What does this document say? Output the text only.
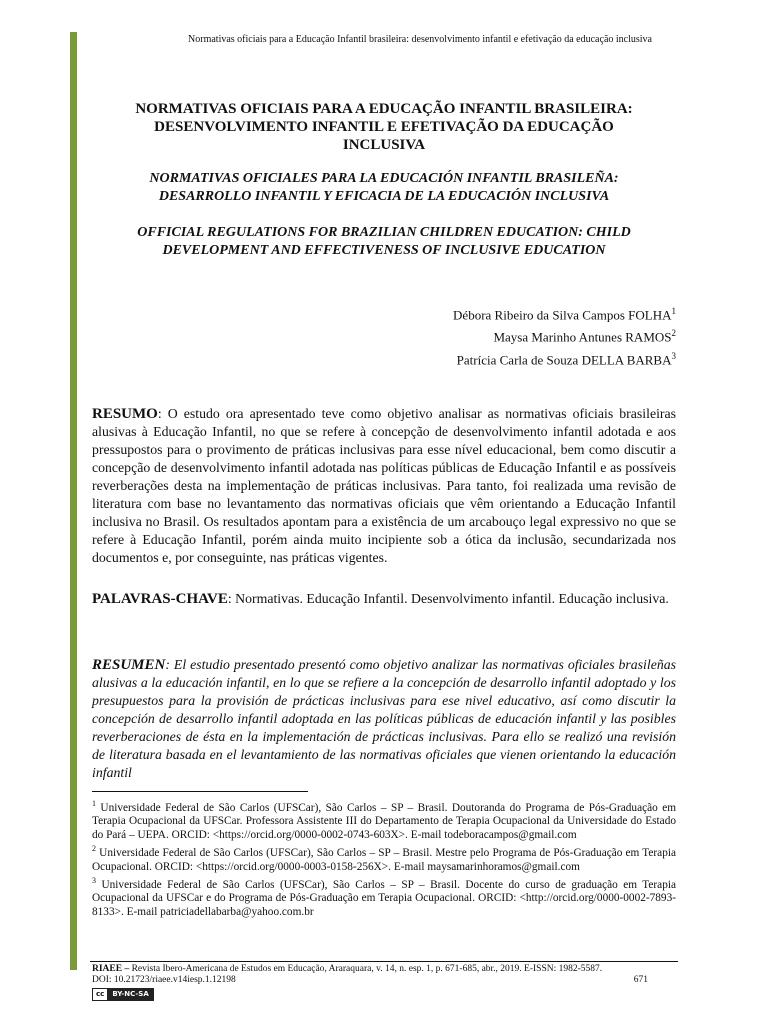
Normativas oficiais para a Educação Infantil brasileira: desenvolvimento infantil e efetivação da educação inclusiva

NORMATIVAS OFICIAIS PARA A EDUCAÇÃO INFANTIL BRASILEIRA:
DESENVOLVIMENTO INFANTIL E EFETIVAÇÃO DA EDUCAÇÃO
INCLUSIVA

NORMATIVAS OFICIALES PARA LA EDUCACIÓN INFANTIL BRASILEÑA:
DESARROLLO INFANTIL Y EFICACIA DE LA EDUCACIÓN INCLUSIVA

OFFICIAL REGULATIONS FOR BRAZILIAN CHILDREN EDUCATION: CHILD
DEVELOPMENT AND EFFECTIVENESS OF INCLUSIVE EDUCATION

Débora Ribeiro da Silva Campos FOLHA$^1$
Maysa Marinho Antunes RAMOS$^2$
Patrícia Carla de Souza DELLA BARBA$^3$
RESUMO: O estudo ora apresentado teve como objetivo analisar as normativas oficiais brasileiras alusivas à Educação Infantil, no que se refere à concepção de desenvolvimento infantil adotada e aos pressupostos para o provimento de práticas inclusivas para esse nível educacional, bem como discutir a concepção de desenvolvimento infantil adotada nas políticas públicas de Educação Infantil e as possíveis reverberações desta na implementação de práticas inclusivas. Para tanto, foi realizada uma revisão de literatura com base no levantamento das normativas oficiais que vêm orientando a Educação Infantil inclusiva no Brasil. Os resultados apontam para a existência de um arcabouço legal expressivo no que se refere à Educação Infantil, porém ainda muito incipiente sob a ótica da inclusão, secundarizada nos documentos e, por conseguinte, nas práticas vigentes.
PALAVRAS-CHAVE: Normativas. Educação Infantil. Desenvolvimento infantil. Educação inclusiva.
RESUMEN: El estudio presentado presentó como objetivo analizar las normativas oficiales brasileñas alusivas a la educación infantil, en lo que se refiere a la concepción de desarrollo infantil adoptado y los presupuestos para la provisión de prácticas inclusivas para ese nivel educativo, así como discutir la concepción de desarrollo infantil adoptada en las políticas públicas de educación infantil y las posibles reverberaciones de ésta en la implementación de prácticas inclusivas. Para ello se realizó una revisión de literatura basada en el levantamiento de las normativas oficiales que vienen orientando la educación infantil

$^1$ Universidade Federal de São Carlos (UFSCar), São Carlos – SP – Brasil. Doutoranda do Programa de Pós-Graduação em Terapia Ocupacional da UFSCar. Professora Assistente III do Departamento de Terapia Ocupacional da Universidade do Estado do Pará – UEPA. ORCID: <https://orcid.org/0000-0002-0743-603X>. E-mail todeboracampos@gmail.com

$^2$ Universidade Federal de São Carlos (UFSCar), São Carlos – SP – Brasil. Mestre pelo Programa de Pós-Graduação em Terapia Ocupacional. ORCID: <https://orcid.org/0000-0003-0158-256X>. E-mail maysamarinhoramos@gmail.com

$^3$ Universidade Federal de São Carlos (UFSCar), São Carlos – SP – Brasil. Docente do curso de graduação em Terapia Ocupacional da UFSCar e do Programa de Pós-Graduação em Terapia Ocupacional. ORCID: <http://orcid.org/0000-0002-7893-8133>. E-mail patriciadellabarba@yahoo.com.br

RIAEE – Revista Ibero-Americana de Estudos em Educação, Araraquara, v. 14, n. esp. 1, p. 671-685, abr., 2019. E-ISSN: 1982-5587.
DOI: 10.21723/riaee.v14iesp.1.12198	671
cc	BY-NC-SA
